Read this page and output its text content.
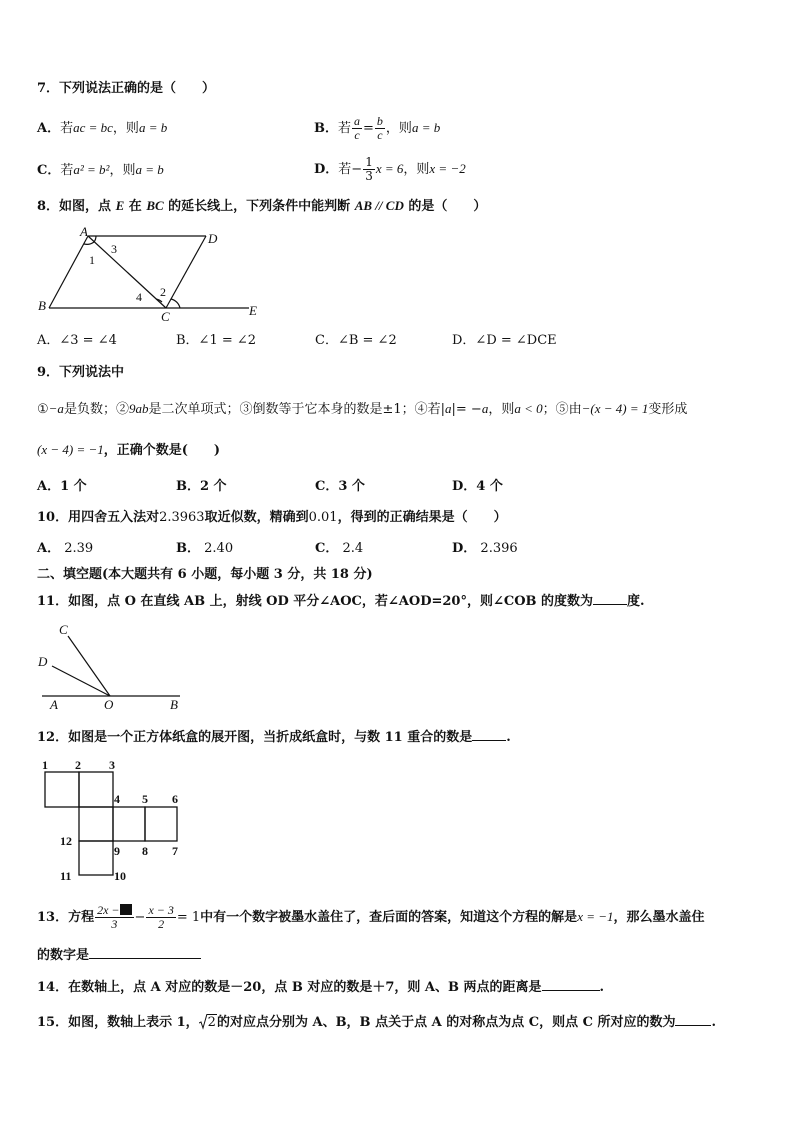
7．下列说法正确的是（　　）
A．若ac = bc，则a = b	B．若 $\frac{a}{c} = \frac{b}{c}$ ，则a = b
C．若a² = b²，则a = b	D．若− $\frac{1}{3}$ x = 6，则x = −2
8．如图，点 E 在 BC 的延长线上，下列条件中能判断 AB // CD 的是（　　）
A	D
B
C	E
1
2
3
4
A．∠3 = ∠4	B．∠1 = ∠2	C．∠B = ∠2	D．∠D = ∠DCE
9．下列说法中
①−a是负数；②9ab是二次单项式；③倒数等于它本身的数是±1；④若|a|= −a，则a < 0；⑤由−(x − 4) = 1变形成
(x − 4) = −1，正确个数是(　　)
A．1 个	B．2 个	C．3 个	D．4 个
10．用四舍五入法对2.3963取近似数，精确到0.01，得到的正确结果是（　　）
A． 2.39	B． 2.40	C． 2.4	D． 2.396
二、填空题(本大题共有 6 小题，每小题 3 分，共 18 分)
11．如图，点 O 在直线 AB 上，射线 OD 平分∠AOC，若∠AOD=20°，则∠COB 的度数为	度.
C
D
A	O	B
12．如图是一个正方体纸盒的展开图，当折成纸盒时，与数 11 重合的数是	.
1 2 3
4 5 6
12
9 8 7
11	10
13．方程 $\frac{2x -}{3} - \frac{x - 3}{2} = 1$中有一个数字被墨水盖住了，查后面的答案，知道这个方程的解是x = −1，那么墨水盖住
的数字是
14．在数轴上，点 A 对应的数是－20，点 B 对应的数是＋7，则 A、B 两点的距离是	.
15．如图，数轴上表示 1， 2的对应点分别为 A、B，B 点关于点 A 的对称点为点 C，则点 C 所对应的数为	.
